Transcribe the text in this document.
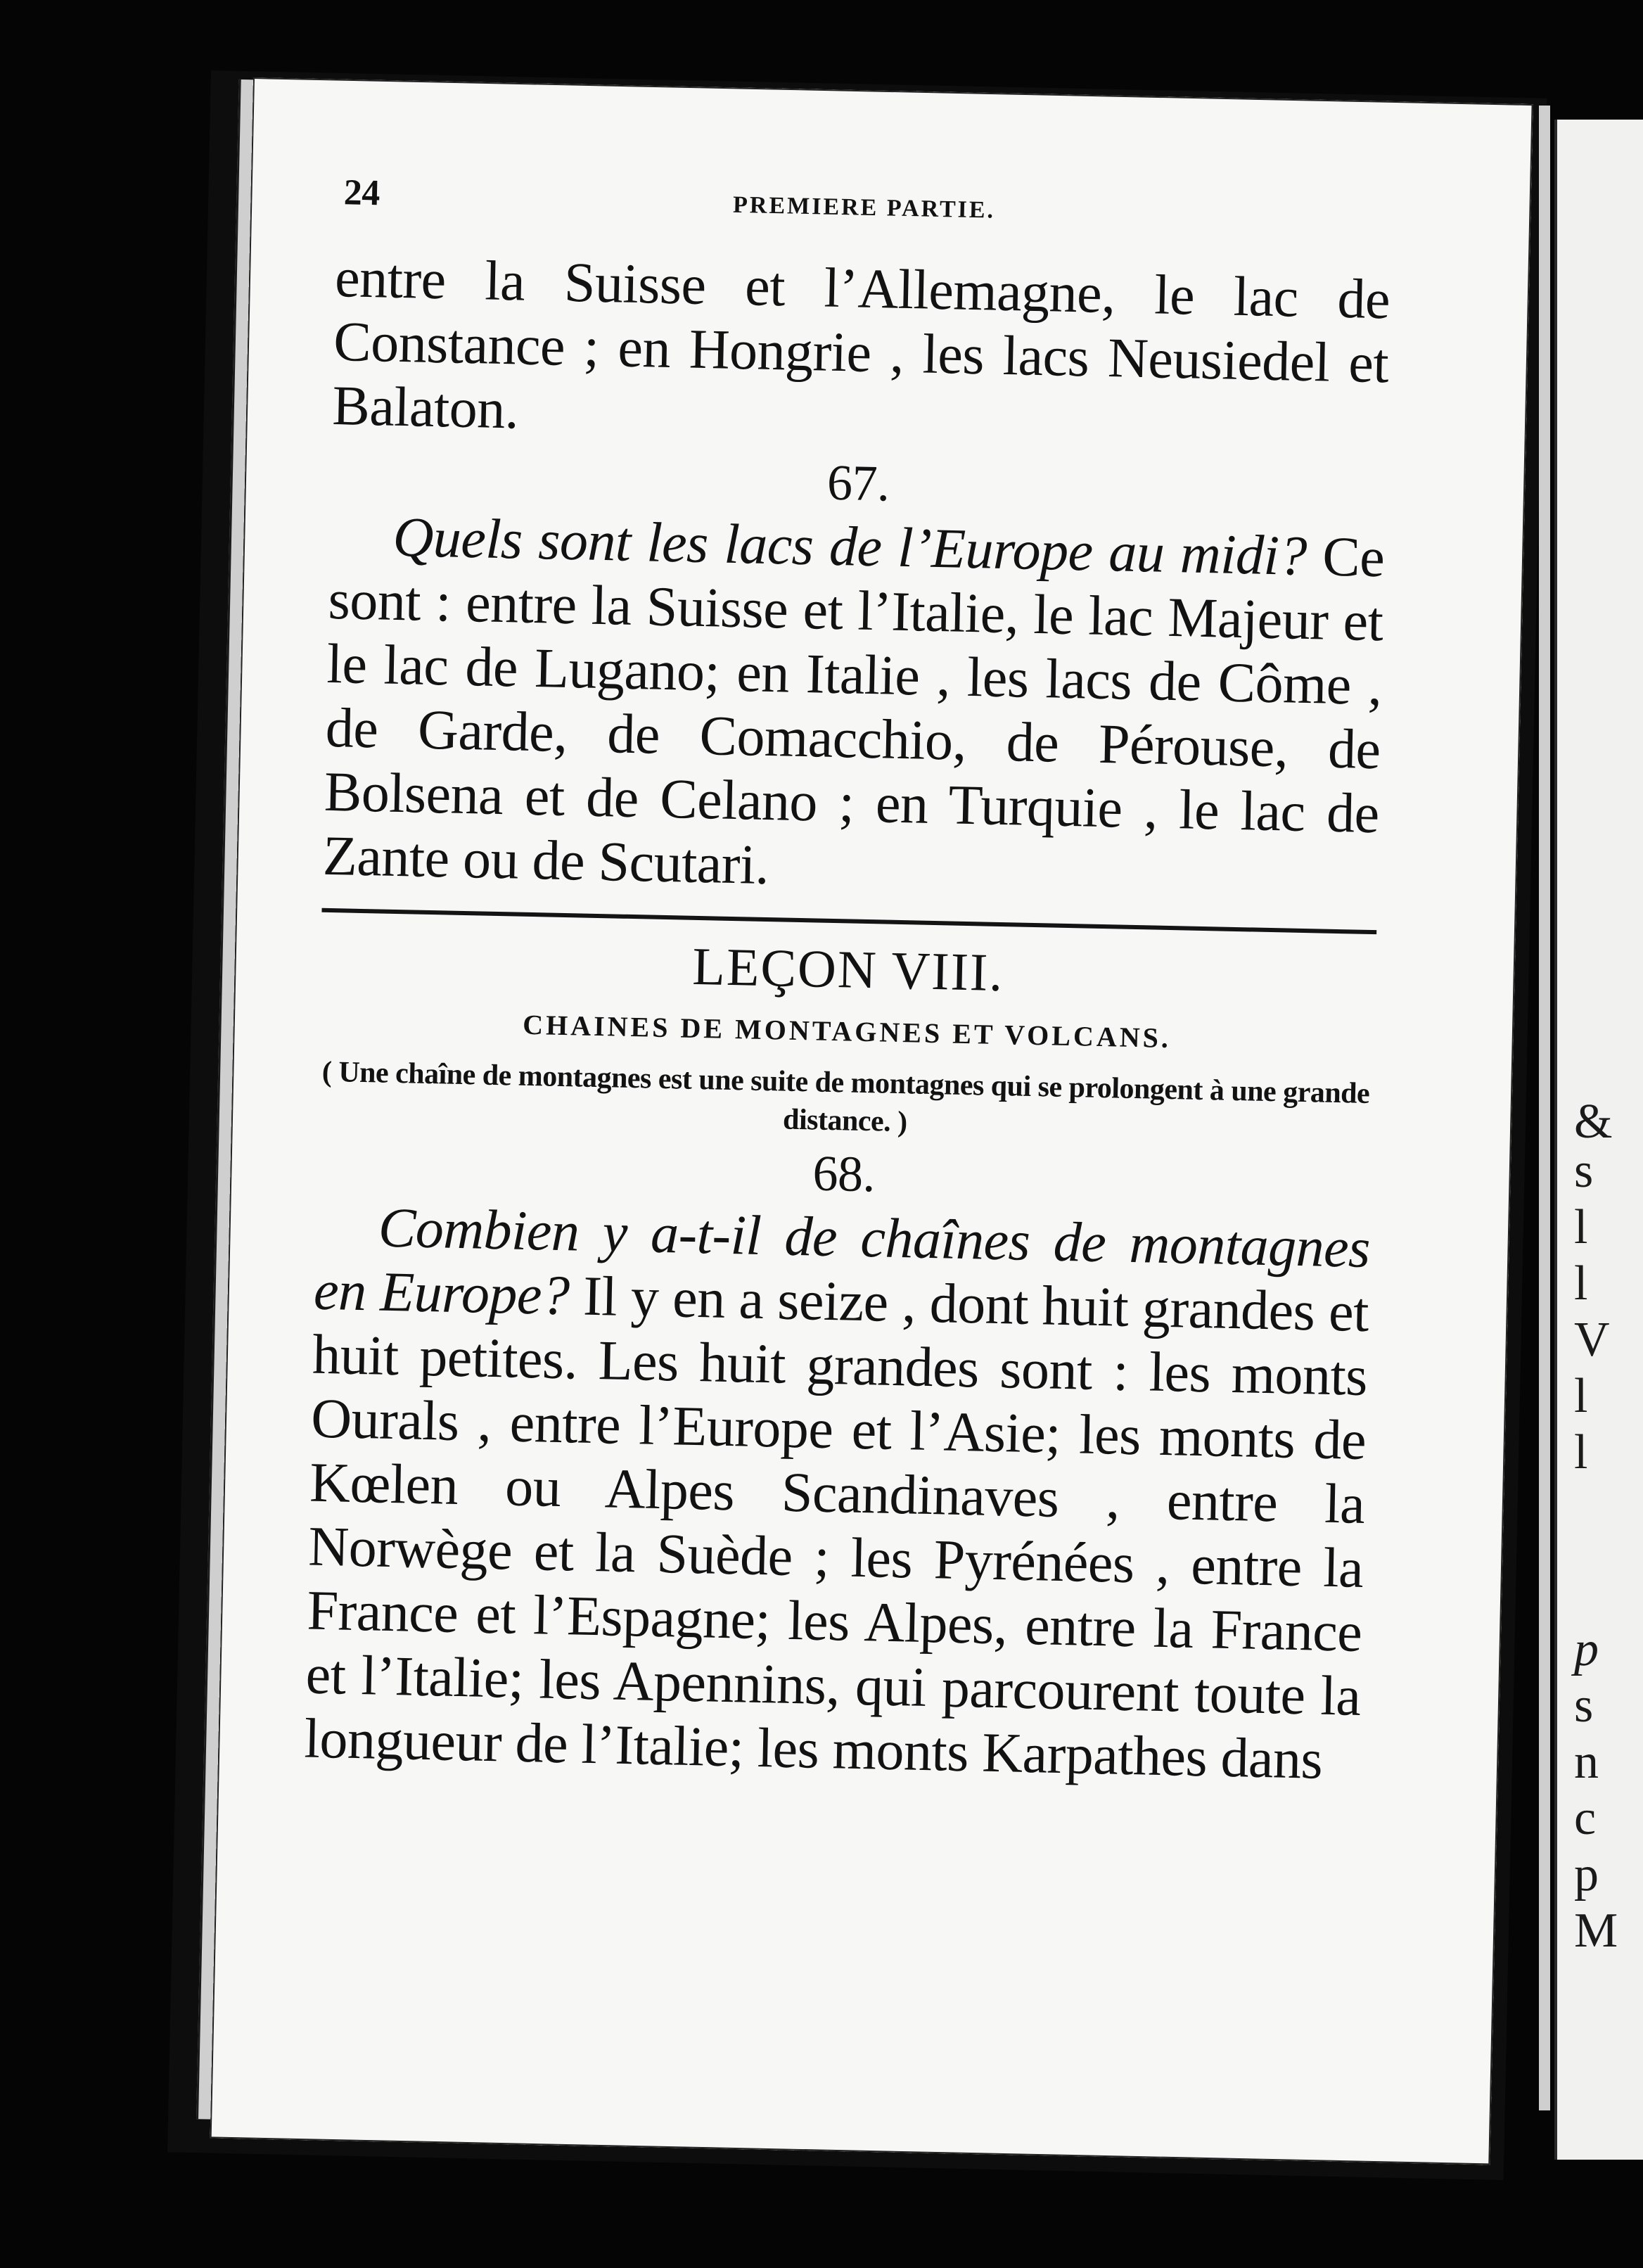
&
s
l
l
V
l
l
p
s
n
c
p
M
24	PREMIERE PARTIE.

entre la Suisse et l’Allemagne, le lac de Constance ; en Hongrie , les lacs Neusiedel et Balaton.

67.

Quels sont les lacs de l’Europe au midi? Ce sont : entre la Suisse et l’Italie, le lac Majeur et le lac de Lugano; en Italie , les lacs de Côme , de Garde, de Comacchio, de Pérouse, de Bolsena et de Celano ; en Turquie , le lac de Zante ou de Scutari.

LEÇON VIII.
CHAINES DE MONTAGNES ET VOLCANS.
( Une chaîne de montagnes est une suite de montagnes qui se prolongent à une grande distance. )
68.

Combien y a-t-il de chaînes de montagnes en Europe? Il y en a seize , dont huit grandes et huit petites. Les huit grandes sont : les monts Ourals , entre l’Europe et l’Asie; les monts de Kœlen ou Alpes Scandinaves , entre la Norwège et la Suède ; les Pyrénées , entre la France et l’Espagne; les Alpes, entre la France et l’Italie; les Apennins, qui parcourent toute la longueur de l’Italie; les monts Karpathes dans
